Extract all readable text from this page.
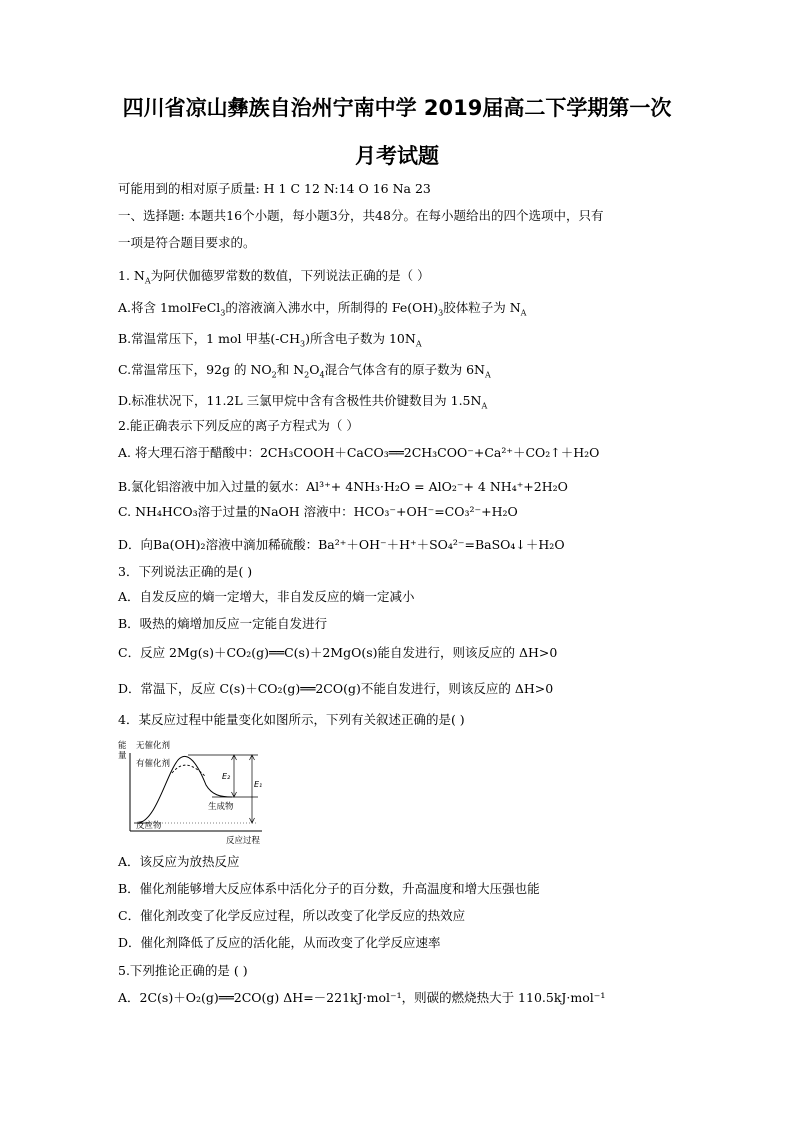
四川省凉山彝族自治州宁南中学 2019届高二下学期第一次
月考试题
可能用到的相对原子质量: H 1 C 12 N:14 O 16 Na 23
一、选择题: 本题共16个小题，每小题3分，共48分。在每小题给出的四个选项中，只有
一项是符合题目要求的。
1. $N_A$为阿伏伽德罗常数的数值，下列说法正确的是（ ）
A.将含 1molFeCl$_3$的溶液滴入沸水中，所制得的 $Fe(OH)_3$胶体粒子为 $N_A$
B.常温常压下，1 mol 甲基$(-CH_3)$所含电子数为 $10N_A$
C.常温常压下，92g 的 $NO_2$和 $N_2O_4$混合气体含有的原子数为 $6N_A$
D.标准状况下，11.2L 三氯甲烷中含有含极性共价键数目为 $1.5N_A$
2.能正确表示下列反应的离子方程式为（ ）
A. 将大理石溶于醋酸中：2CH₃COOH＋CaCO₃══2CH₃COO⁻+Ca²⁺＋CO₂↑＋H₂O
B.氯化铝溶液中加入过量的氨水：Al³⁺+ 4NH₃·H₂O = AlO₂⁻+ 4 NH₄⁺+2H₂O
C. NH₄HCO₃溶于过量的NaOH 溶液中：HCO₃⁻+OH⁻=CO₃²⁻+H₂O
D．向Ba(OH)₂溶液中滴加稀硫酸：Ba²⁺＋OH⁻＋H⁺＋SO₄²⁻=BaSO₄↓＋H₂O
3．下列说法正确的是( )
A．自发反应的熵一定增大，非自发反应的熵一定减小
B．吸热的熵增加反应一定能自发进行
C．反应 2Mg(s)＋CO₂(g)══C(s)＋2MgO(s)能自发进行，则该反应的 ΔH>0
D．常温下，反应 C(s)＋CO₂(g)══2CO(g)不能自发进行，则该反应的 ΔH>0
4．某反应过程中能量变化如图所示，下列有关叙述正确的是( )
能
量
无催化剂
有催化剂
E₂
E₁
生成物
反应物
反应过程
A．该反应为放热反应
B．催化剂能够增大反应体系中活化分子的百分数，升高温度和增大压强也能
C．催化剂改变了化学反应过程，所以改变了化学反应的热效应
D．催化剂降低了反应的活化能，从而改变了化学反应速率
5.下列推论正确的是 ( )
A．2C(s)＋O₂(g)══2CO(g) ΔH=－221kJ·mol⁻¹，则碳的燃烧热大于 110.5kJ·mol⁻¹
